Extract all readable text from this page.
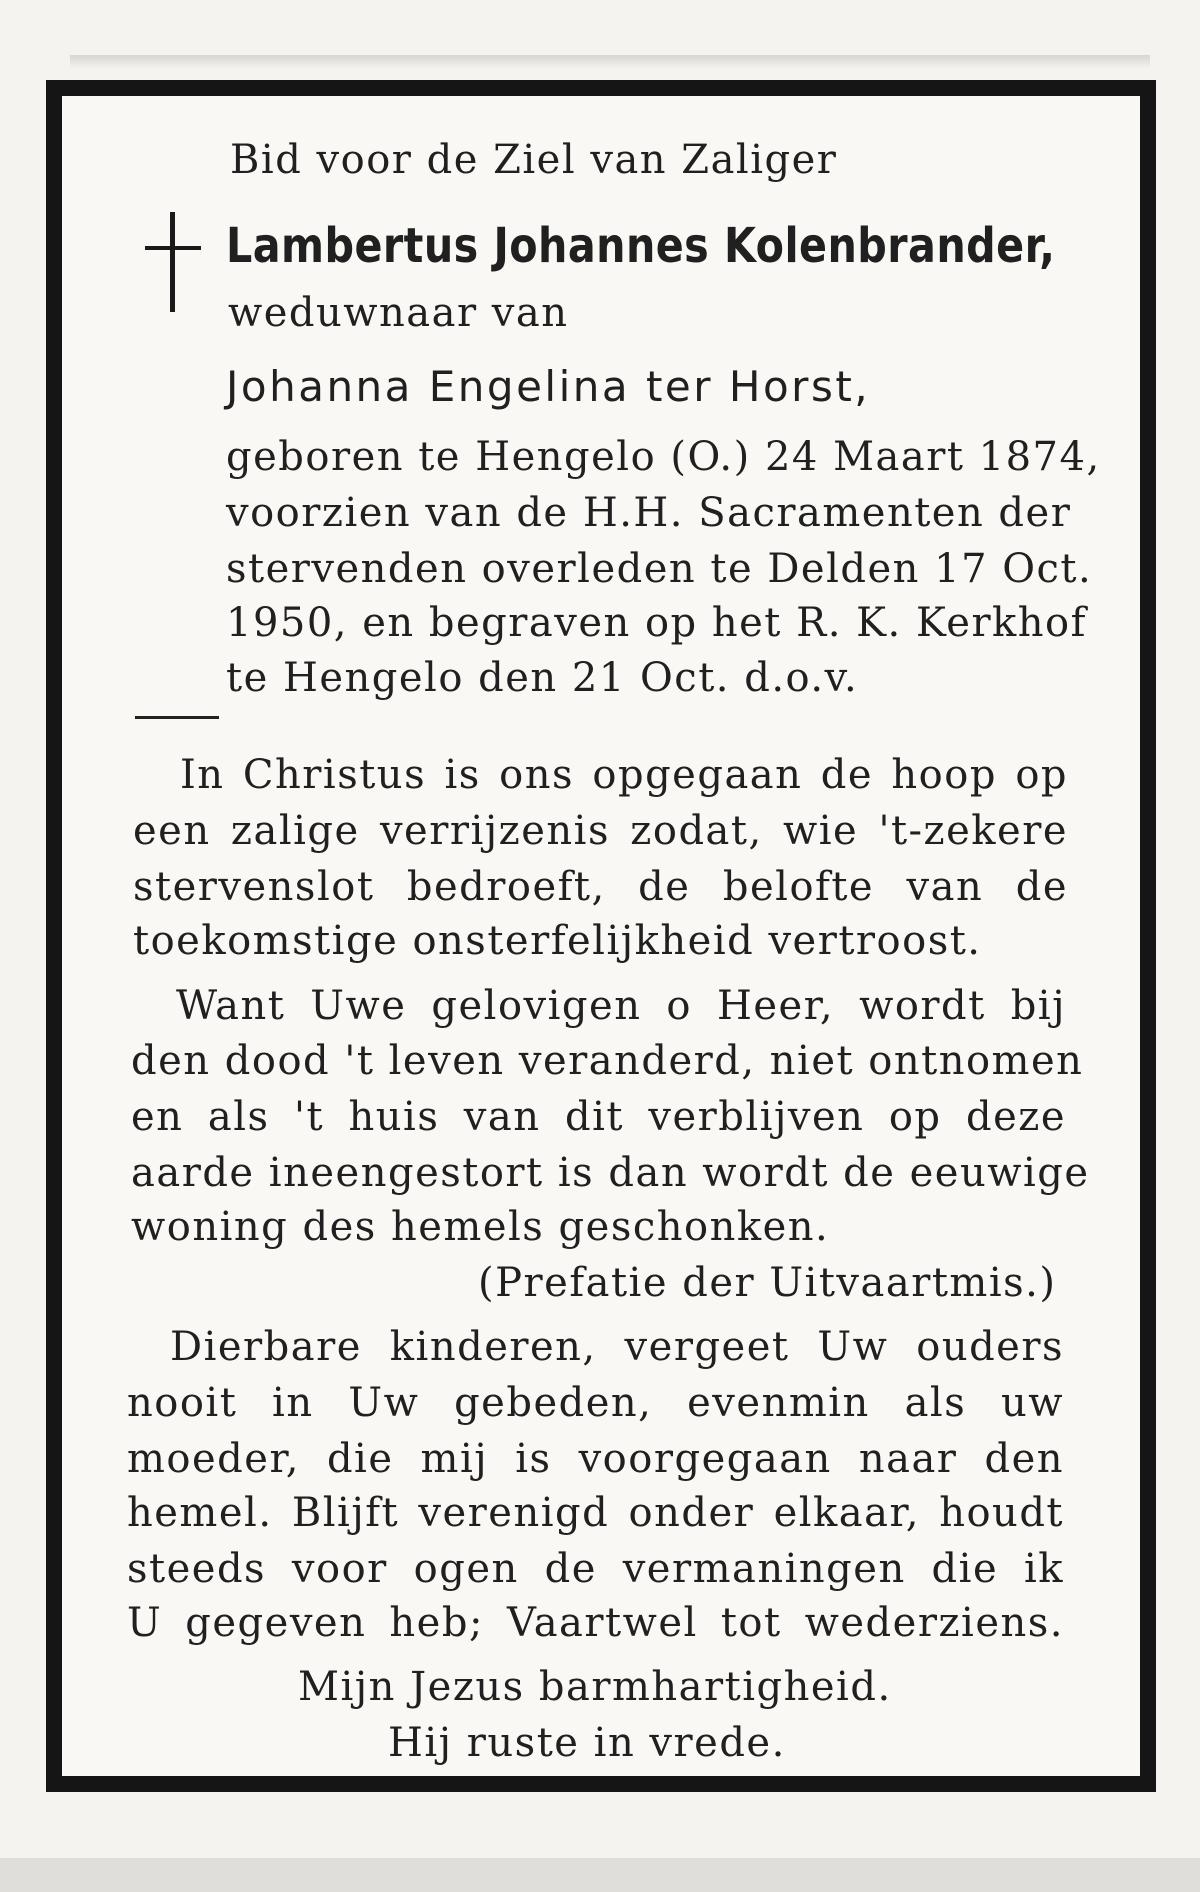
Bid voor de Ziel van Zaliger
Lambertus Johannes Kolenbrander,
weduwnaar van
Johanna Engelina ter Horst,
geboren te Hengelo (O.) 24 Maart 1874,
voorzien van de H.H. Sacramenten der
stervenden overleden te Delden 17 Oct.
1950, en begraven op het R. K. Kerkhof
te Hengelo den 21 Oct. d.o.v.
In Christus is ons opgegaan de hoop op
een zalige verrijzenis zodat, wie 't-zekere
stervenslot bedroeft, de belofte van de
toekomstige onsterfelijkheid vertroost.
Want Uwe gelovigen o Heer, wordt bij
den dood 't leven veranderd, niet ontnomen
en als 't huis van dit verblijven op deze
aarde ineengestort is dan wordt de eeuwige
woning des hemels geschonken.
(Prefatie der Uitvaartmis.)
Dierbare kinderen, vergeet Uw ouders
nooit in Uw gebeden, evenmin als uw
moeder, die mij is voorgegaan naar den
hemel. Blijft verenigd onder elkaar, houdt
steeds voor ogen de vermaningen die ik
U gegeven heb; Vaartwel tot wederziens.
Mijn Jezus barmhartigheid.
Hij ruste in vrede.
